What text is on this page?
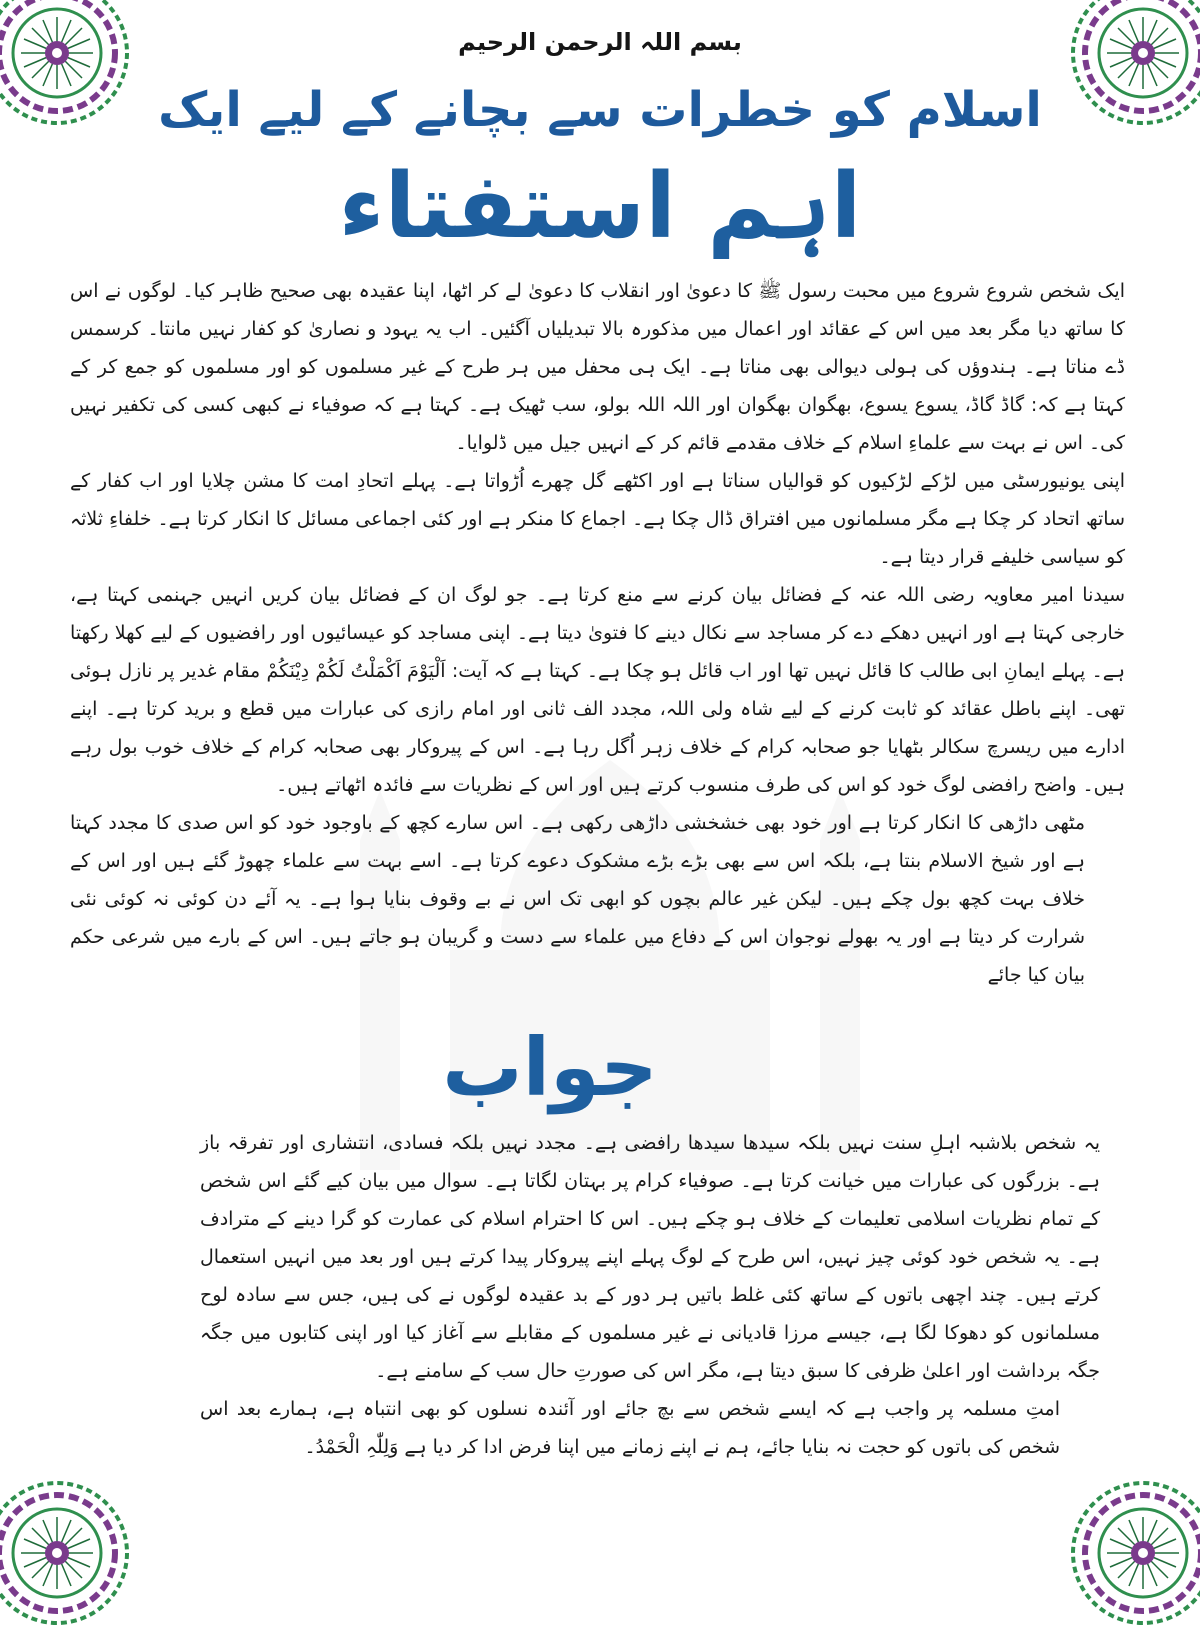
بسم اللہ الرحمن الرحیم
اسلام کو خطرات سے بچانے کے لیے ایک
اہم استفتاء

ایک شخص شروع شروع میں محبت رسول ﷺ کا دعویٰ اور انقلاب کا دعویٰ لے کر اٹھا، اپنا عقیدہ بھی صحیح ظاہر کیا۔ لوگوں نے اس کا ساتھ دیا مگر بعد میں اس کے عقائد اور اعمال میں مذکورہ بالا تبدیلیاں آگئیں۔ اب یہ یہود و نصاریٰ کو کفار نہیں مانتا۔ کرسمس ڈے مناتا ہے۔ ہندوؤں کی ہولی دیوالی بھی مناتا ہے۔ ایک ہی محفل میں ہر طرح کے غیر مسلموں کو اور مسلموں کو جمع کر کے کہتا ہے کہ: گاڈ گاڈ، یسوع یسوع، بھگوان بھگوان اور اللہ اللہ بولو، سب ٹھیک ہے۔ کہتا ہے کہ صوفیاء نے کبھی کسی کی تکفیر نہیں کی۔ اس نے بہت سے علماءِ اسلام کے خلاف مقدمے قائم کر کے انہیں جیل میں ڈلوایا۔

اپنی یونیورسٹی میں لڑکے لڑکیوں کو قوالیاں سناتا ہے اور اکٹھے گل چھرے اُڑواتا ہے۔ پہلے اتحادِ امت کا مشن چلایا اور اب کفار کے ساتھ اتحاد کر چکا ہے مگر مسلمانوں میں افتراق ڈال چکا ہے۔ اجماع کا منکر ہے اور کئی اجماعی مسائل کا انکار کرتا ہے۔ خلفاءِ ثلاثہ کو سیاسی خلیفے قرار دیتا ہے۔

سیدنا امیر معاویہ رضی اللہ عنہ کے فضائل بیان کرنے سے منع کرتا ہے۔ جو لوگ ان کے فضائل بیان کریں انہیں جہنمی کہتا ہے، خارجی کہتا ہے اور انہیں دھکے دے کر مساجد سے نکال دینے کا فتویٰ دیتا ہے۔ اپنی مساجد کو عیسائیوں اور رافضیوں کے لیے کھلا رکھتا ہے۔ پہلے ایمانِ ابی طالب کا قائل نہیں تھا اور اب قائل ہو چکا ہے۔ کہتا ہے کہ آیت: اَلْیَوْمَ اَکْمَلْتُ لَکُمْ دِیْنَکُمْ مقام غدیر پر نازل ہوئی تھی۔ اپنے باطل عقائد کو ثابت کرنے کے لیے شاہ ولی اللہ، مجدد الف ثانی اور امام رازی کی عبارات میں قطع و برید کرتا ہے۔ اپنے ادارے میں ریسرچ سکالر بٹھایا جو صحابہ کرام کے خلاف زہر اُگل رہا ہے۔ اس کے پیروکار بھی صحابہ کرام کے خلاف خوب بول رہے ہیں۔ واضح رافضی لوگ خود کو اس کی طرف منسوب کرتے ہیں اور اس کے نظریات سے فائدہ اٹھاتے ہیں۔

مٹھی داڑھی کا انکار کرتا ہے اور خود بھی خشخشی داڑھی رکھی ہے۔ اس سارے کچھ کے باوجود خود کو اس صدی کا مجدد کہتا ہے اور شیخ الاسلام بنتا ہے، بلکہ اس سے بھی بڑے بڑے مشکوک دعوے کرتا ہے۔ اسے بہت سے علماء چھوڑ گئے ہیں اور اس کے خلاف بہت کچھ بول چکے ہیں۔ لیکن غیر عالم بچوں کو ابھی تک اس نے بے وقوف بنایا ہوا ہے۔ یہ آئے دن کوئی نہ کوئی نئی شرارت کر دیتا ہے اور یہ بھولے نوجوان اس کے دفاع میں علماء سے دست و گریبان ہو جاتے ہیں۔ اس کے بارے میں شرعی حکم بیان کیا جائے

جواب

یہ شخص بلاشبہ اہلِ سنت نہیں بلکہ سیدھا سیدھا رافضی ہے۔ مجدد نہیں بلکہ فسادی، انتشاری اور تفرقہ باز ہے۔ بزرگوں کی عبارات میں خیانت کرتا ہے۔ صوفیاء کرام پر بہتان لگاتا ہے۔ سوال میں بیان کیے گئے اس شخص کے تمام نظریات اسلامی تعلیمات کے خلاف ہو چکے ہیں۔ اس کا احترام اسلام کی عمارت کو گرا دینے کے مترادف ہے۔ یہ شخص خود کوئی چیز نہیں، اس طرح کے لوگ پہلے اپنے پیروکار پیدا کرتے ہیں اور بعد میں انہیں استعمال کرتے ہیں۔ چند اچھی باتوں کے ساتھ کئی غلط باتیں ہر دور کے بد عقیدہ لوگوں نے کی ہیں، جس سے سادہ لوح مسلمانوں کو دھوکا لگا ہے، جیسے مرزا قادیانی نے غیر مسلموں کے مقابلے سے آغاز کیا اور اپنی کتابوں میں جگہ جگہ برداشت اور اعلیٰ ظرفی کا سبق دیتا ہے، مگر اس کی صورتِ حال سب کے سامنے ہے۔

امتِ مسلمہ پر واجب ہے کہ ایسے شخص سے بچ جائے اور آئندہ نسلوں کو بھی انتباہ ہے، ہمارے بعد اس شخص کی باتوں کو حجت نہ بنایا جائے، ہم نے اپنے زمانے میں اپنا فرض ادا کر دیا ہے وَلِلّٰہِ الْحَمْدُ۔
